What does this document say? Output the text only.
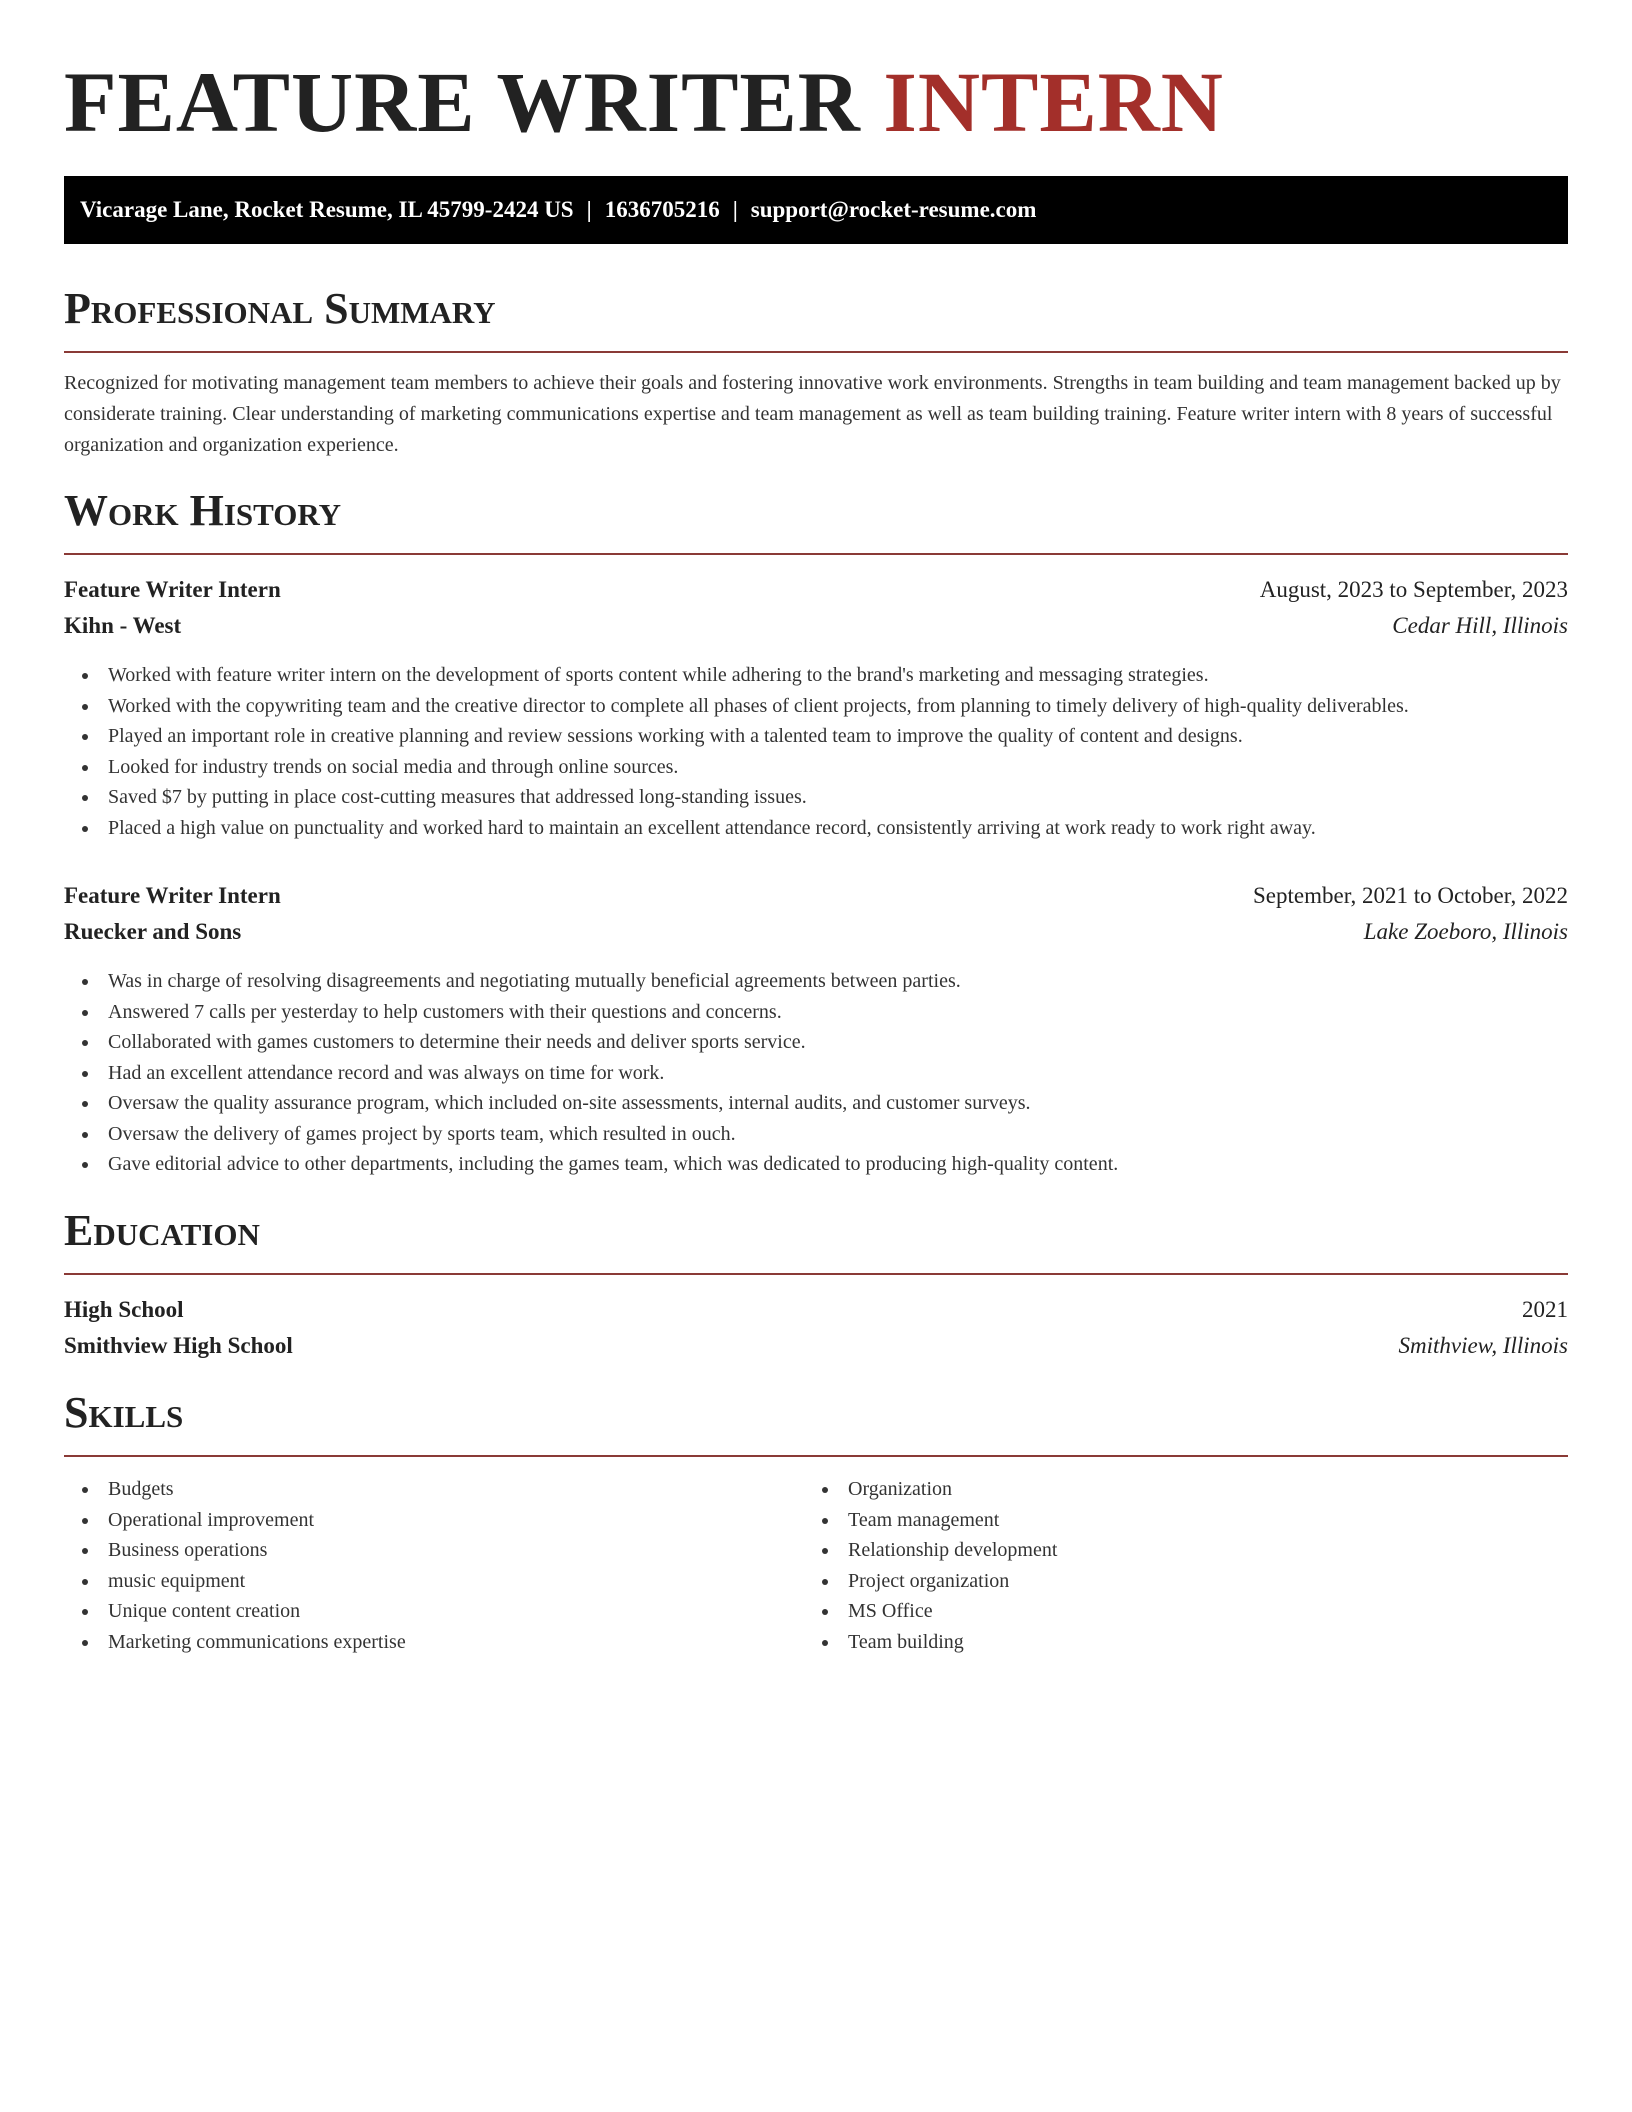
FEATURE WRITER INTERN
Vicarage Lane, Rocket Resume, IL 45799-2424 US | 1636705216 | support@rocket-resume.com
Professional Summary

Recognized for motivating management team members to achieve their goals and fostering innovative work environments. Strengths in team building and team management backed up by considerate training. Clear understanding of marketing communications expertise and team management as well as team building training. Feature writer intern with 8 years of successful organization and organization experience.

Work History
Feature Writer Intern	August, 2023 to September, 2023
Kihn - West	Cedar Hill, Illinois
Worked with feature writer intern on the development of sports content while adhering to the brand's marketing and messaging strategies.
Worked with the copywriting team and the creative director to complete all phases of client projects, from planning to timely delivery of high-quality deliverables.
Played an important role in creative planning and review sessions working with a talented team to improve the quality of content and designs.
Looked for industry trends on social media and through online sources.
Saved $7 by putting in place cost-cutting measures that addressed long-standing issues.
Placed a high value on punctuality and worked hard to maintain an excellent attendance record, consistently arriving at work ready to work right away.
Feature Writer Intern	September, 2021 to October, 2022
Ruecker and Sons	Lake Zoeboro, Illinois
Was in charge of resolving disagreements and negotiating mutually beneficial agreements between parties.
Answered 7 calls per yesterday to help customers with their questions and concerns.
Collaborated with games customers to determine their needs and deliver sports service.
Had an excellent attendance record and was always on time for work.
Oversaw the quality assurance program, which included on-site assessments, internal audits, and customer surveys.
Oversaw the delivery of games project by sports team, which resulted in ouch.
Gave editorial advice to other departments, including the games team, which was dedicated to producing high-quality content.
Education
High School	2021
Smithview High School	Smithview, Illinois
Skills
Budgets
Operational improvement
Business operations
music equipment
Unique content creation
Marketing communications expertise
Organization
Team management
Relationship development
Project organization
MS Office
Team building
